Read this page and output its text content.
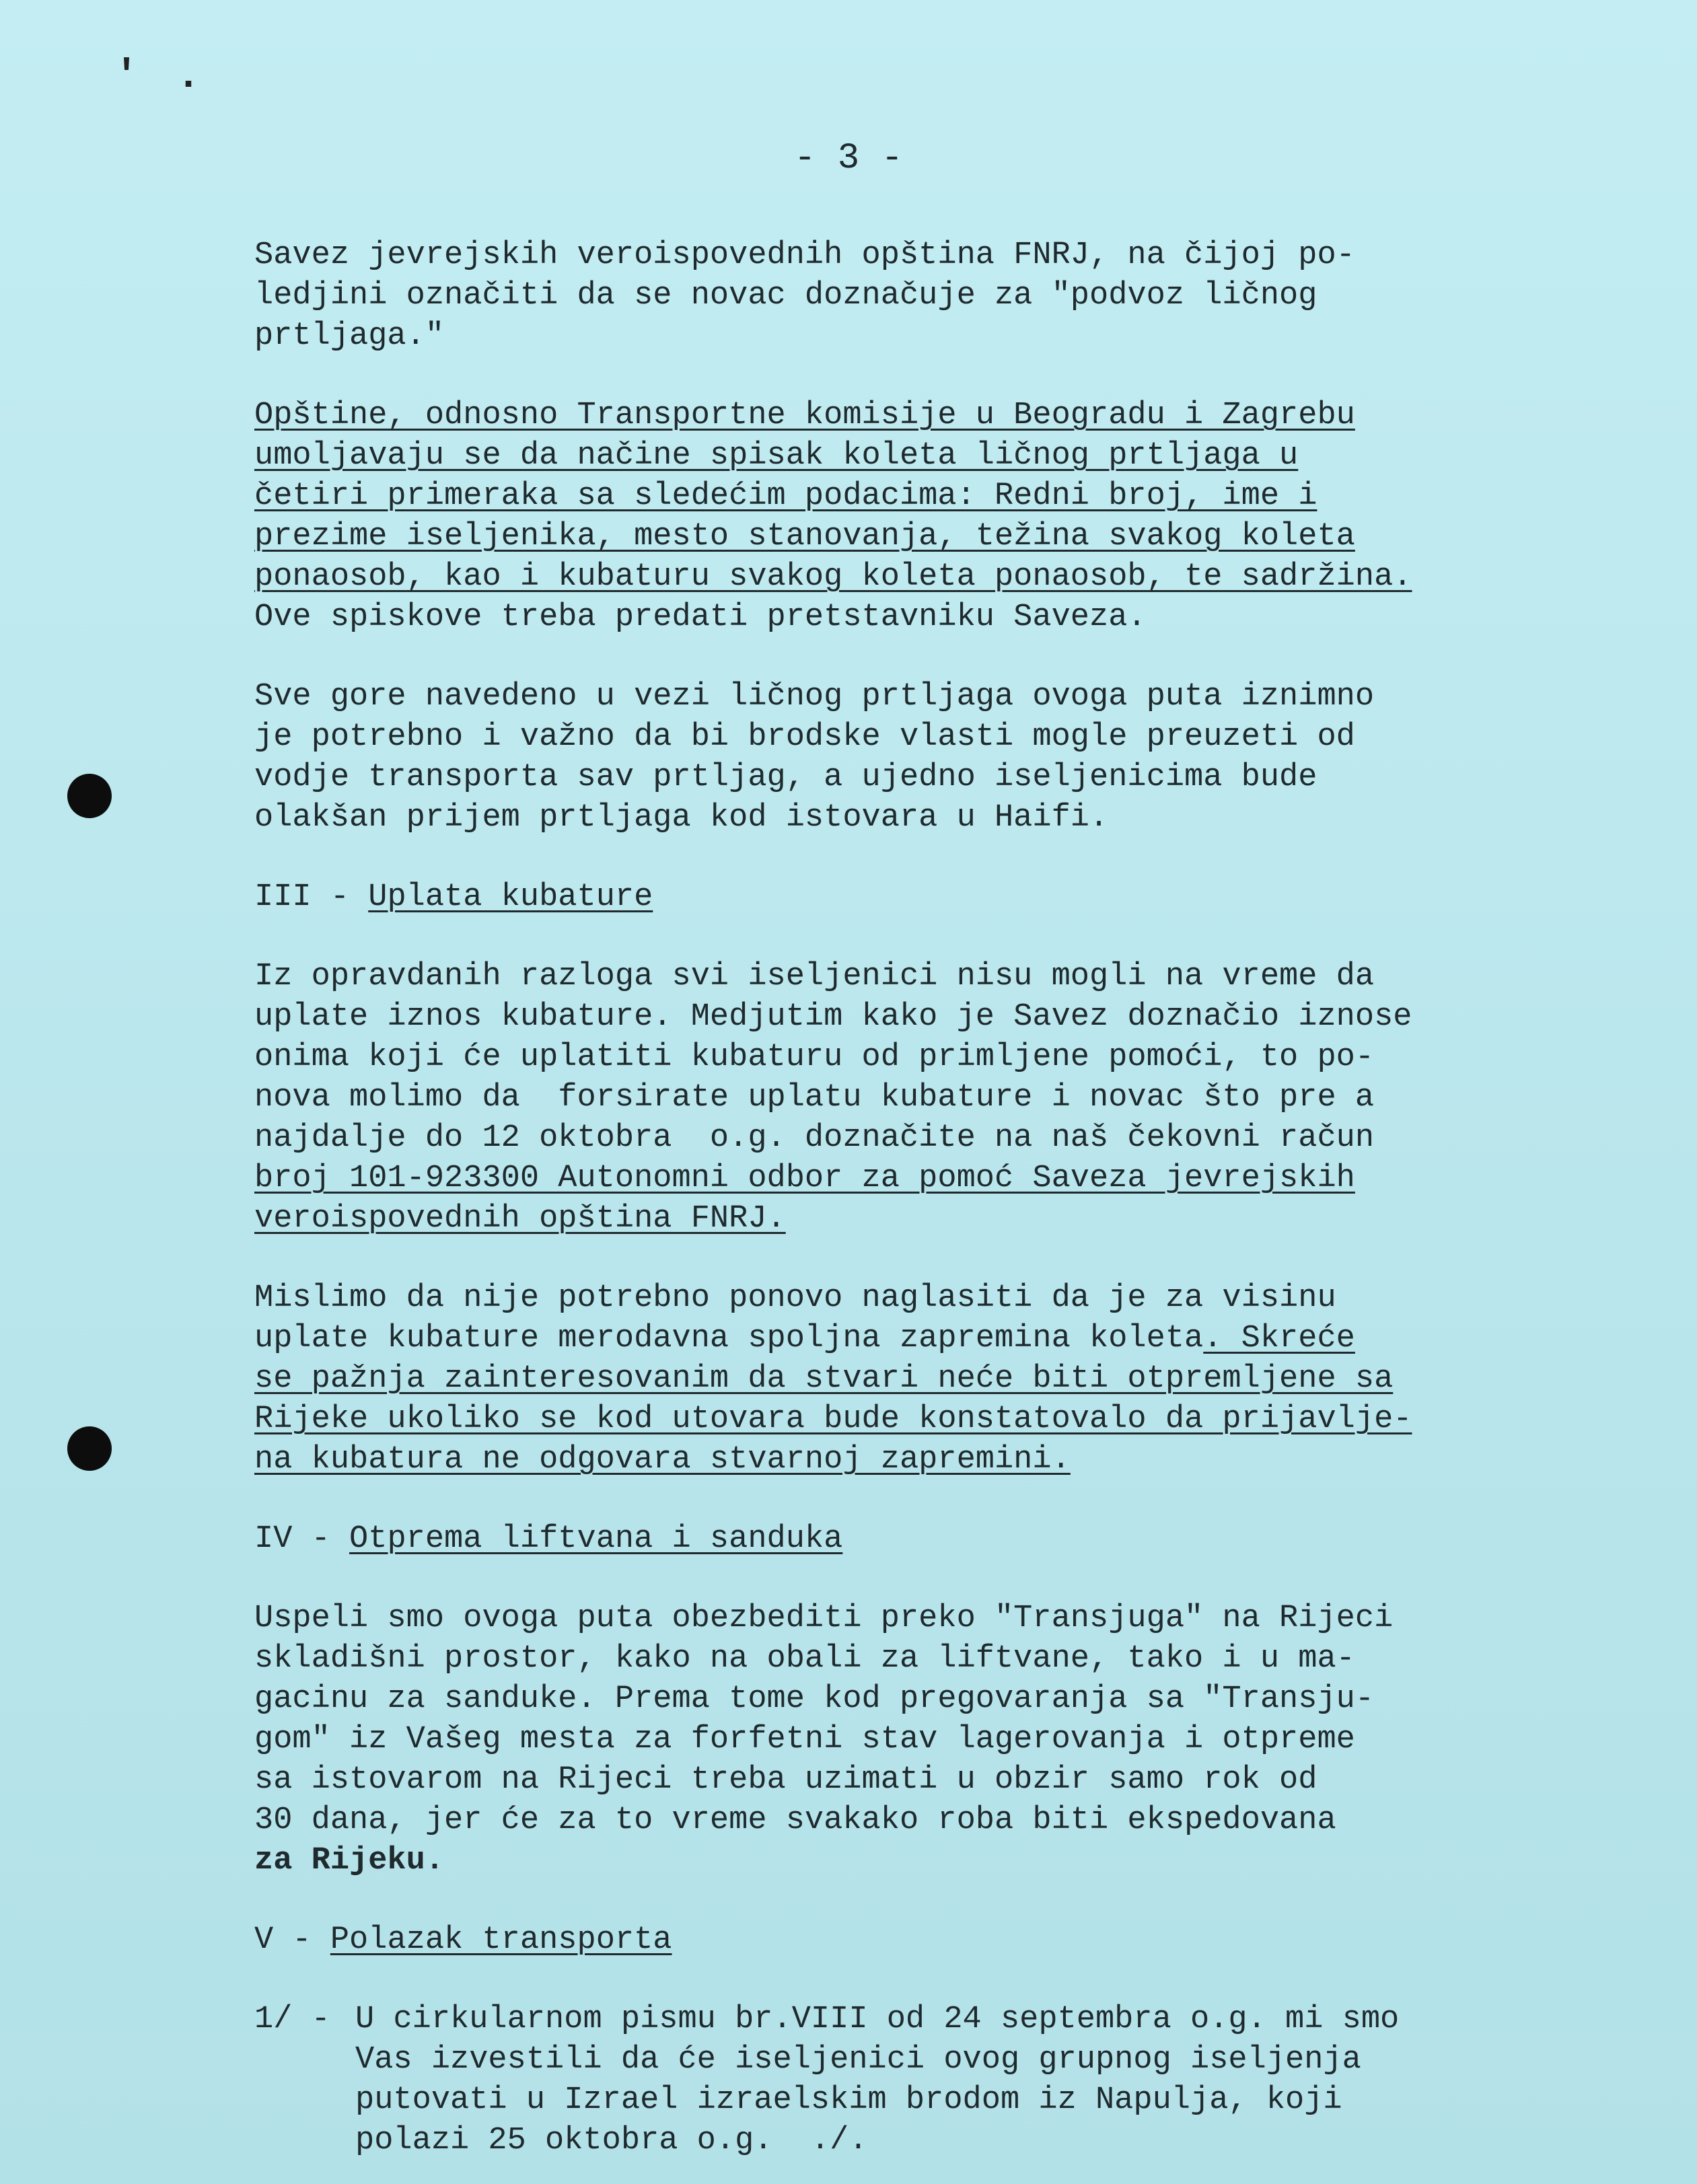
' .
- 3 -
Savez jevrejskih veroispovednih opština FNRJ, na čijoj po-
ledjini označiti da se novac doznačuje za "podvoz ličnog
prtljaga."
Opštine, odnosno Transportne komisije u Beogradu i Zagrebu
umoljavaju se da načine spisak koleta ličnog prtljaga u
četiri primeraka sa sledećim podacima: Redni broj, ime i
prezime iseljenika, mesto stanovanja, težina svakog koleta
ponaosob, kao i kubaturu svakog koleta ponaosob, te sadržina.
Ove spiskove treba predati pretstavniku Saveza.
Sve gore navedeno u vezi ličnog prtljaga ovoga puta iznimno
je potrebno i važno da bi brodske vlasti mogle preuzeti od
vodje transporta sav prtljag, a ujedno iseljenicima bude
olakšan prijem prtljaga kod istovara u Haifi.
III - Uplata kubature
Iz opravdanih razloga svi iseljenici nisu mogli na vreme da
uplate iznos kubature. Medjutim kako je Savez doznačio iznose
onima koji će uplatiti kubaturu od primljene pomoći, to po-
nova molimo da  forsirate uplatu kubature i novac što pre a
najdalje do 12 oktobra  o.g. doznačite na naš čekovni račun
broj 101-923300 Autonomni odbor za pomoć Saveza jevrejskih
veroispovednih opština FNRJ.
Mislimo da nije potrebno ponovo naglasiti da je za visinu
uplate kubature merodavna spoljna zapremina koleta. Skreće
se pažnja zainteresovanim da stvari neće biti otpremljene sa
Rijeke ukoliko se kod utovara bude konstatovalo da prijavlje-
na kubatura ne odgovara stvarnoj zapremini.
IV - Otprema liftvana i sanduka
Uspeli smo ovoga puta obezbediti preko "Transjuga" na Rijeci
skladišni prostor, kako na obali za liftvane, tako i u ma-
gacinu za sanduke. Prema tome kod pregovaranja sa "Transju-
gom" iz Vašeg mesta za forfetni stav lagerovanja i otpreme
sa istovarom na Rijeci treba uzimati u obzir samo rok od
30 dana, jer će za to vreme svakako roba biti ekspedovana
za Rijeku.
V - Polazak transporta
1/ - U cirkularnom pismu br.VIII od 24 septembra o.g. mi smo
Vas izvestili da će iseljenici ovog grupnog iseljenja
putovati u Izrael izraelskim brodom iz Napulja, koji
polazi 25 oktobra o.g.  ./.
